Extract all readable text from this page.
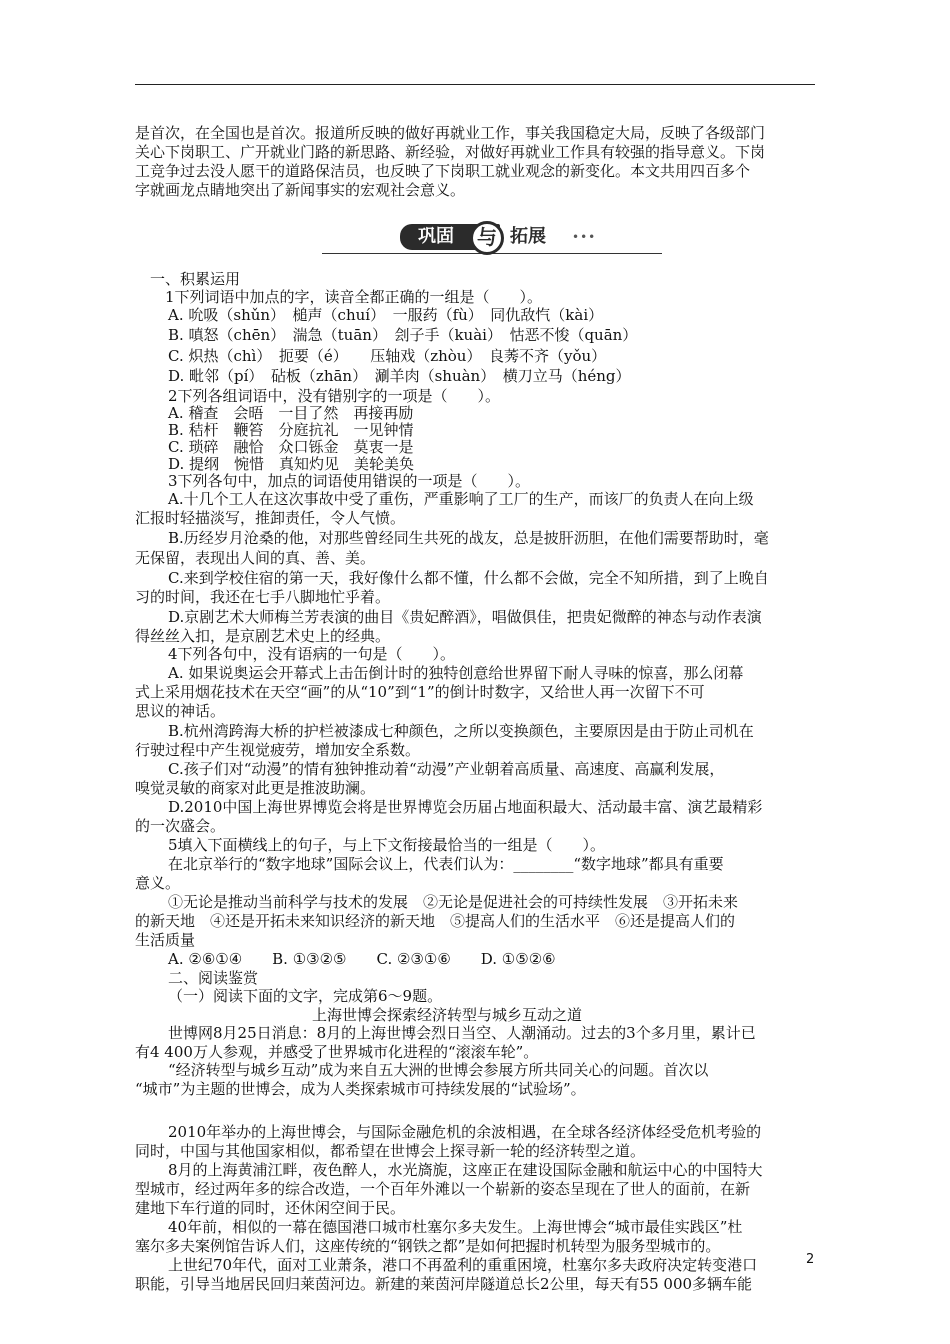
是首次，在全国也是首次。报道所反映的做好再就业工作，事关我国稳定大局，反映了各级部门
关心下岗职工、广开就业门路的新思路、新经验，对做好再就业工作具有较强的指导意义。下岗
工竞争过去没人愿干的道路保洁员，也反映了下岗职工就业观念的新变化。本文共用四百多个
字就画龙点睛地突出了新闻事实的宏观社会意义。
巩固	与 拓展 •••
一、积累运用
1下列词语中加点的字，读音全都正确的一组是（　　）。
A. 吮吸（shǔn）　槌声（chuí）　一服药（fù）　同仇敌忾（kài）
B. 嗔怒（chēn）　湍急（tuān）　刽子手（kuài）　怙恶不悛（quān）
C. 炽热（chì）　扼要（é）　　压轴戏（zhòu）　良莠不齐（yǒu）
D. 毗邻（pí）　砧板（zhān）　涮羊肉（shuàn）　横刀立马（héng）
2下列各组词语中，没有错别字的一项是（　　）。
A. 稽查　会晤　一目了然　再接再励
B. 秸杆　鞭笞　分庭抗礼　一见钟情
C. 琐碎　融恰　众口铄金　莫衷一是
D. 提纲　惋惜　真知灼见　美轮美奂
3下列各句中，加点的词语使用错误的一项是（　　）。
A.十几个工人在这次事故中受了重伤，严重影响了工厂的生产，而该厂的负责人在向上级
汇报时轻描淡写，推卸责任，令人气愤。
B.历经岁月沧桑的他，对那些曾经同生共死的战友，总是披肝沥胆，在他们需要帮助时，毫
无保留，表现出人间的真、善、美。
C.来到学校住宿的第一天，我好像什么都不懂，什么都不会做，完全不知所措，到了上晚自
习的时间，我还在七手八脚地忙乎着。
D.京剧艺术大师梅兰芳表演的曲目《贵妃醉酒》，唱做俱佳，把贵妃微醉的神态与动作表演
得丝丝入扣，是京剧艺术史上的经典。
4下列各句中，没有语病的一句是（　　）。
A. 如果说奥运会开幕式上击缶倒计时的独特创意给世界留下耐人寻味的惊喜，那么闭幕
式上采用烟花技术在天空“画”的从“10”到“1”的倒计时数字，又给世人再一次留下不可
思议的神话。
B.杭州湾跨海大桥的护栏被漆成七种颜色，之所以变换颜色，主要原因是由于防止司机在
行驶过程中产生视觉疲劳，增加安全系数。
C.孩子们对“动漫”的情有独钟推动着“动漫”产业朝着高质量、高速度、高赢利发展，
嗅觉灵敏的商家对此更是推波助澜。
D.2010中国上海世界博览会将是世界博览会历届占地面积最大、活动最丰富、演艺最精彩
的一次盛会。
5填入下面横线上的句子，与上下文衔接最恰当的一组是（　　）。
在北京举行的“数字地球”国际会议上，代表们认为：________“数字地球”都具有重要
意义。
①无论是推动当前科学与技术的发展　②无论是促进社会的可持续性发展　③开拓未来
的新天地　④还是开拓未来知识经济的新天地　⑤提高人们的生活水平　⑥还是提高人们的
生活质量
A. ②⑥①④　　B. ①③②⑤　　C. ②③①⑥　　D. ①⑤②⑥
二、阅读鉴赏
（一）阅读下面的文字，完成第6～9题。
上海世博会探索经济转型与城乡互动之道
世博网8月25日消息：8月的上海世博会烈日当空、人潮涌动。过去的3个多月里，累计已
有4 400万人参观，并感受了世界城市化进程的“滚滚车轮”。
“经济转型与城乡互动”成为来自五大洲的世博会参展方所共同关心的问题。首次以
“城市”为主题的世博会，成为人类探索城市可持续发展的“试验场”。
2010年举办的上海世博会，与国际金融危机的余波相遇，在全球各经济体经受危机考验的
同时，中国与其他国家相似，都希望在世博会上探寻新一轮的经济转型之道。
8月的上海黄浦江畔，夜色醉人，水光旖旎，这座正在建设国际金融和航运中心的中国特大
型城市，经过两年多的综合改造，一个百年外滩以一个崭新的姿态呈现在了世人的面前，在新
建地下车行道的同时，还休闲空间于民。
40年前，相似的一幕在德国港口城市杜塞尔多夫发生。上海世博会“城市最佳实践区”杜
塞尔多夫案例馆告诉人们，这座传统的“钢铁之都”是如何把握时机转型为服务型城市的。
上世纪70年代，面对工业萧条，港口不再盈利的重重困境，杜塞尔多夫政府决定转变港口
职能，引导当地居民回归莱茵河边。新建的莱茵河岸隧道总长2公里，每天有55 000多辆车能
2
